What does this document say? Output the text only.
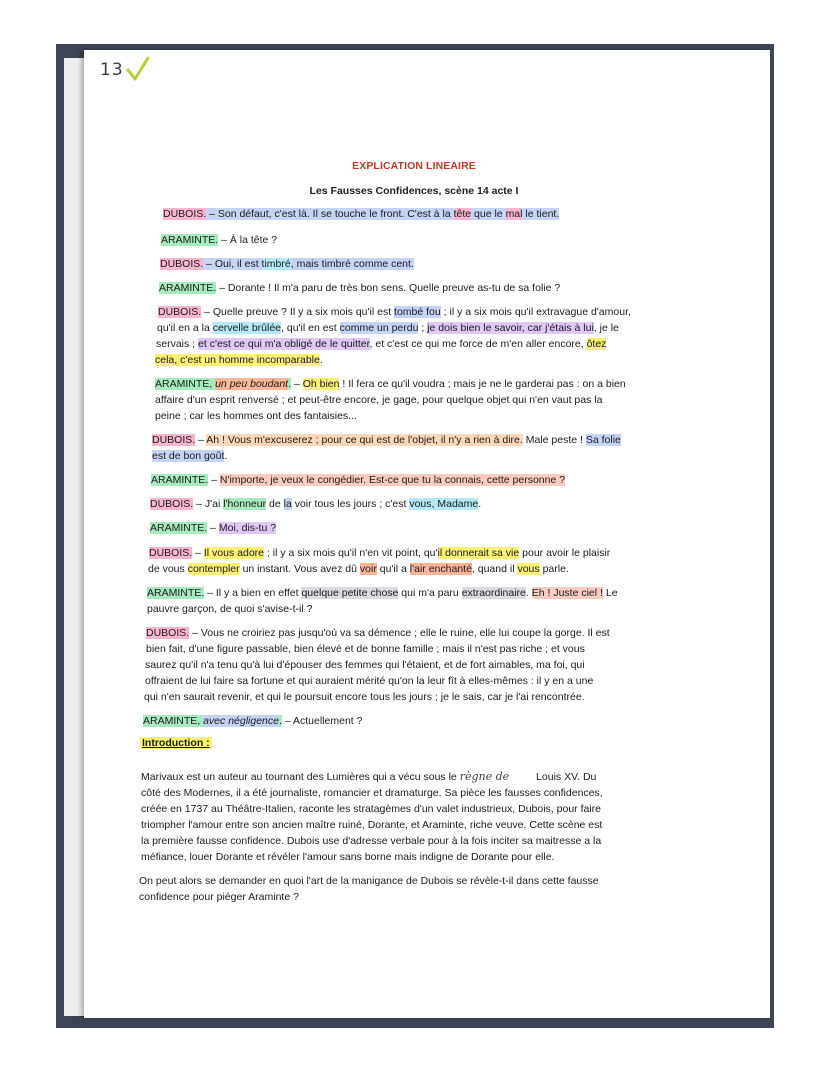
13
EXPLICATION LINEAIRE
Les Fausses Confidences, scène 14 acte I
DUBOIS. – Son défaut, c'est là. Il se touche le front. C'est à la tête que le mal le tient.
ARAMINTE. – À la tête ?
DUBOIS. – Oui, il est timbré, mais timbré comme cent.
ARAMINTE. – Dorante ! Il m'a paru de très bon sens. Quelle preuve as-tu de sa folie ?
DUBOIS. – Quelle preuve ? Il y a six mois qu'il est tombé fou ; il y a six mois qu'il extravague d'amour,
qu'il en a la cervelle brûlée, qu'il en est comme un perdu ; je dois bien le savoir, car j'étais à lui, je le
servais ; et c'est ce qui m'a obligé de le quitter, et c'est ce qui me force de m'en aller encore, ôtez
cela, c'est un homme incomparable.
ARAMINTE, un peu boudant. – Oh bien ! Il fera ce qu'il voudra ; mais je ne le garderai pas : on a bien
affaire d'un esprit renversé ; et peut-être encore, je gage, pour quelque objet qui n'en vaut pas la
peine ; car les hommes ont des fantaisies...
DUBOIS. – Ah ! Vous m'excuserez ; pour ce qui est de l'objet, il n'y a rien à dire. Male peste ! Sa folie
est de bon goût.
ARAMINTE. – N'importe, je veux le congédier. Est-ce que tu la connais, cette personne ?
DUBOIS. – J'ai l'honneur de la voir tous les jours ; c'est vous, Madame.
ARAMINTE. – Moi, dis-tu ?
DUBOIS. – Il vous adore ; il y a six mois qu'il n'en vit point, qu'il donnerait sa vie pour avoir le plaisir
de vous contempler un instant. Vous avez dû voir qu'il a l'air enchanté, quand il vous parle.
ARAMINTE. – Il y a bien en effet quelque petite chose qui m'a paru extraordinaire. Eh ! Juste ciel ! Le
pauvre garçon, de quoi s'avise-t-il ?
DUBOIS. – Vous ne croiriez pas jusqu'où va sa démence ; elle le ruine, elle lui coupe la gorge. Il est
bien fait, d'une figure passable, bien élevé et de bonne famille ; mais il n'est pas riche ; et vous
saurez qu'il n'a tenu qu'à lui d'épouser des femmes qui l'étaient, et de fort aimables, ma foi, qui
offraient de lui faire sa fortune et qui auraient mérité qu'on la leur fît à elles-mêmes : il y en a une
qui n'en saurait revenir, et qui le poursuit encore tous les jours ; je le sais, car je l'ai rencontrée.
ARAMINTE, avec négligence. – Actuellement ?
Introduction :
Marivaux est un auteur au tournant des Lumières qui a vécu sous le règne de Louis XV. Du
côté des Modernes, il a été journaliste, romancier et dramaturge. Sa pièce les fausses confidences,
créée en 1737 au Théâtre-Italien, raconte les stratagèmes d'un valet industrieux, Dubois, pour faire
triompher l'amour entre son ancien maître ruiné, Dorante, et Araminte, riche veuve. Cette scène est
la première fausse confidence. Dubois use d'adresse verbale pour à la fois inciter sa maitresse a la
méfiance, louer Dorante et révéler l'amour sans borne mais indigne de Dorante pour elle.
On peut alors se demander en quoi l'art de la manigance de Dubois se révèle-t-il dans cette fausse
confidence pour piéger Araminte ?
